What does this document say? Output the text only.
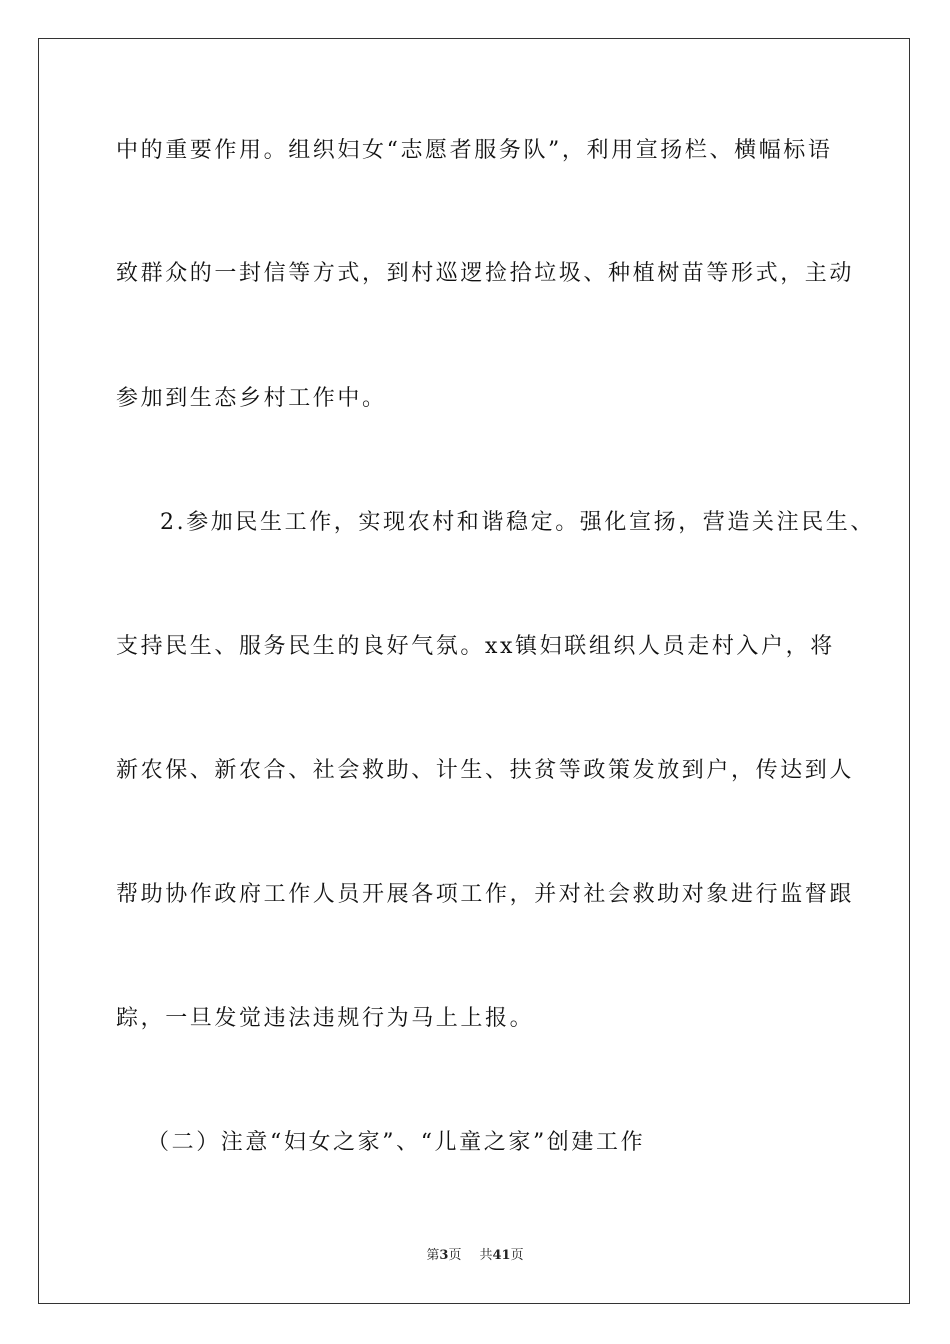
中的重要作用。组织妇女“志愿者服务队”，利用宣扬栏、横幅标语
致群众的一封信等方式，到村巡逻捡拾垃圾、种植树苗等形式，主动
参加到生态乡村工作中。
2.参加民生工作，实现农村和谐稳定。强化宣扬，营造关注民生、
支持民生、服务民生的良好气氛。xx镇妇联组织人员走村入户，将
新农保、新农合、社会救助、计生、扶贫等政策发放到户，传达到人
帮助协作政府工作人员开展各项工作，并对社会救助对象进行监督跟
踪，一旦发觉违法违规行为马上上报。
（二）注意“妇女之家”、“儿童之家”创建工作
第3页 共41页
